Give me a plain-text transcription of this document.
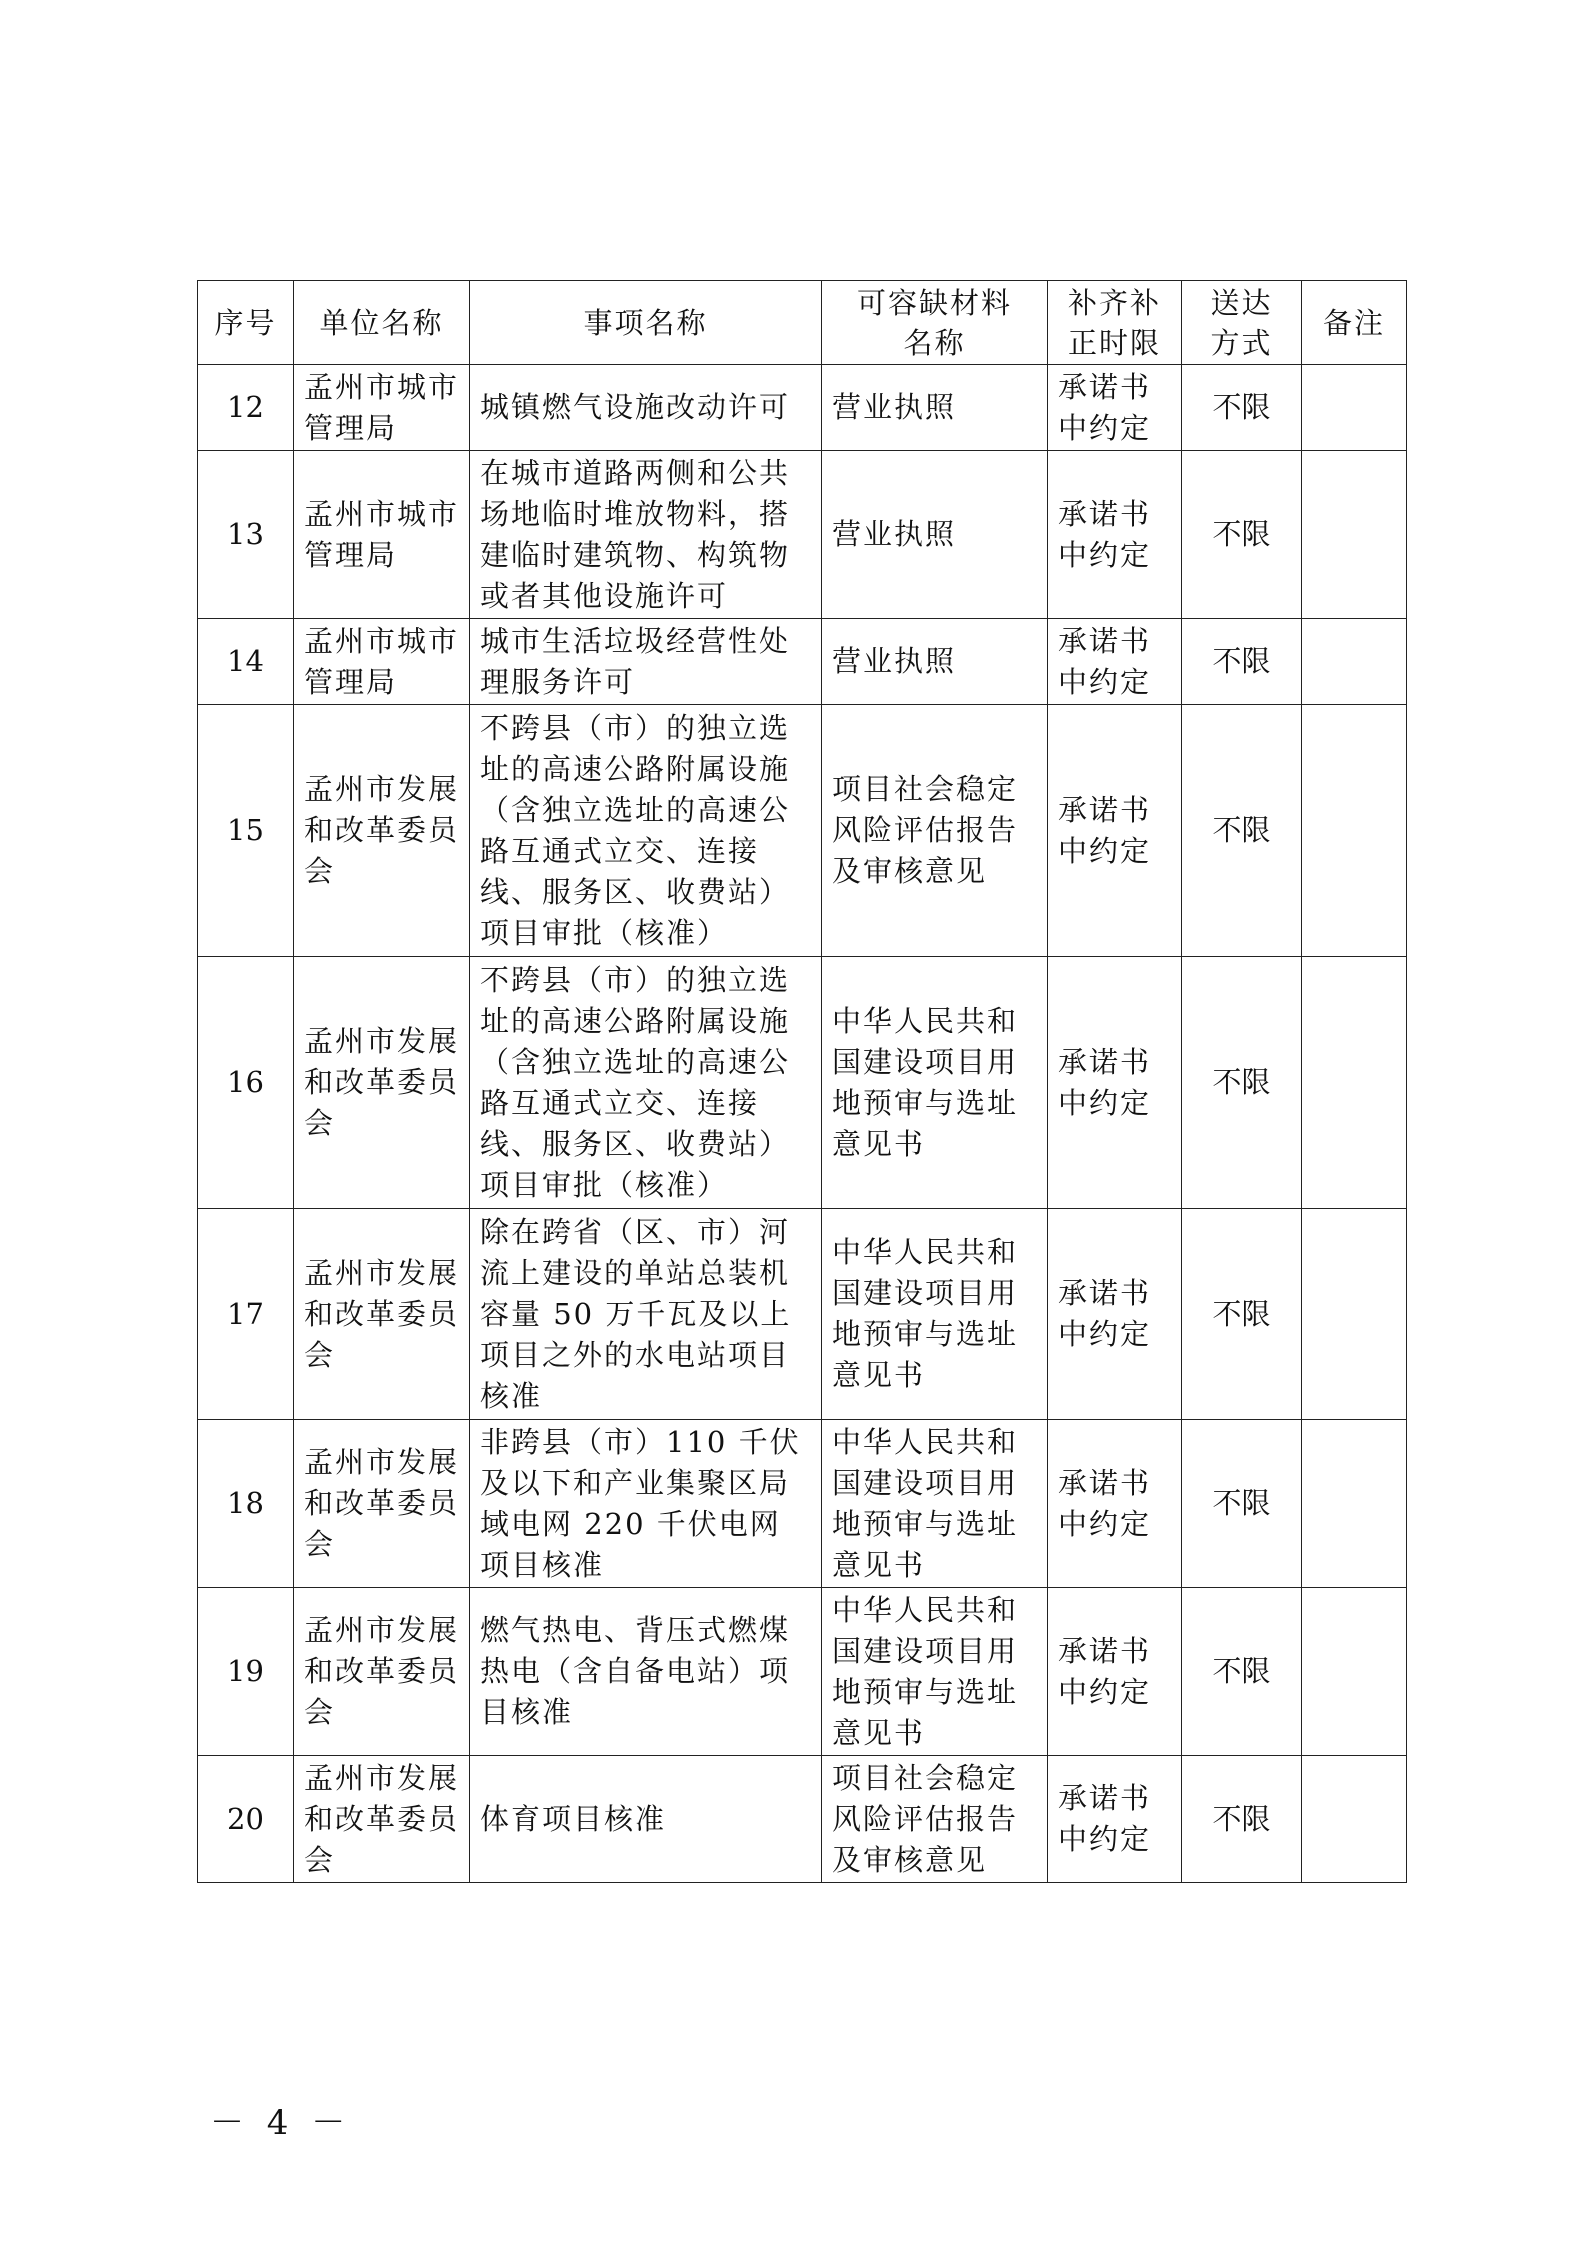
序号	单位名称	事项名称	可容缺材料名称	补齐补正时限	送达方式	备注
12	孟州市城市管理局	城镇燃气设施改动许可	营业执照	承诺书中约定	不限	
13	孟州市城市管理局	在城市道路两侧和公共场地临时堆放物料，搭建临时建筑物、构筑物或者其他设施许可	营业执照	承诺书中约定	不限	
14	孟州市城市管理局	城市生活垃圾经营性处理服务许可	营业执照	承诺书中约定	不限	
15	孟州市发展和改革委员会	不跨县（市）的独立选址的高速公路附属设施（含独立选址的高速公路互通式立交、连接线、服务区、收费站）项目审批（核准）	项目社会稳定风险评估报告及审核意见	承诺书中约定	不限	
16	孟州市发展和改革委员会	不跨县（市）的独立选址的高速公路附属设施（含独立选址的高速公路互通式立交、连接线、服务区、收费站）项目审批（核准）	中华人民共和国建设项目用地预审与选址意见书	承诺书中约定	不限	
17	孟州市发展和改革委员会	除在跨省（区、市）河流上建设的单站总装机容量 50 万千瓦及以上项目之外的水电站项目核准	中华人民共和国建设项目用地预审与选址意见书	承诺书中约定	不限	
18	孟州市发展和改革委员会	非跨县（市）110 千伏及以下和产业集聚区局域电网 220 千伏电网项目核准	中华人民共和国建设项目用地预审与选址意见书	承诺书中约定	不限	
19	孟州市发展和改革委员会	燃气热电、背压式燃煤热电（含自备电站）项目核准	中华人民共和国建设项目用地预审与选址意见书	承诺书中约定	不限	
20	孟州市发展和改革委员会	体育项目核准	项目社会稳定风险评估报告及审核意见	承诺书中约定	不限	
－ 4 －
